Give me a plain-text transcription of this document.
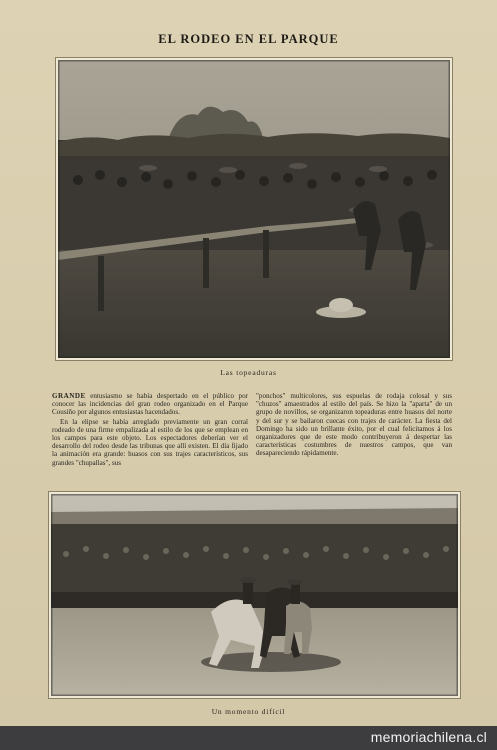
EL RODEO EN EL PARQUE
Las topeaduras

GRANDE entusiasmo se había despertado en el público por conocer las incidencias del gran rodeo organizado en el Parque Cousiño por algunos entusiastas hacendados.

En la elipse se había arreglado previamente un gran corral rodeado de una firme empalizada al estilo de los que se emplean en los campos para este objeto. Los espectadores deberían ver el desarrollo del rodeo desde las tribunas que allí existen. El día fijado la animación era grande: huasos con sus trajes característicos, sus grandes "chupallas", sus

"ponchos" multicolores, sus espuelas de rodaja colosal y sus "chuzos" amaestrados al estilo del país. Se hizo la "aparta" de un grupo de novillos, se organizaron topeaduras entre huasos del norte y del sur y se bailaron cuecas con trajes de carácter. La fiesta del Domingo ha sido un brillante éxito, por el cual felicitamos á los organizadores que de este modo contribuyeron á despertar las características costumbres de nuestros campos, que van desapareciendo rápidamente.

Un momento difícil
memoriachilena.cl
